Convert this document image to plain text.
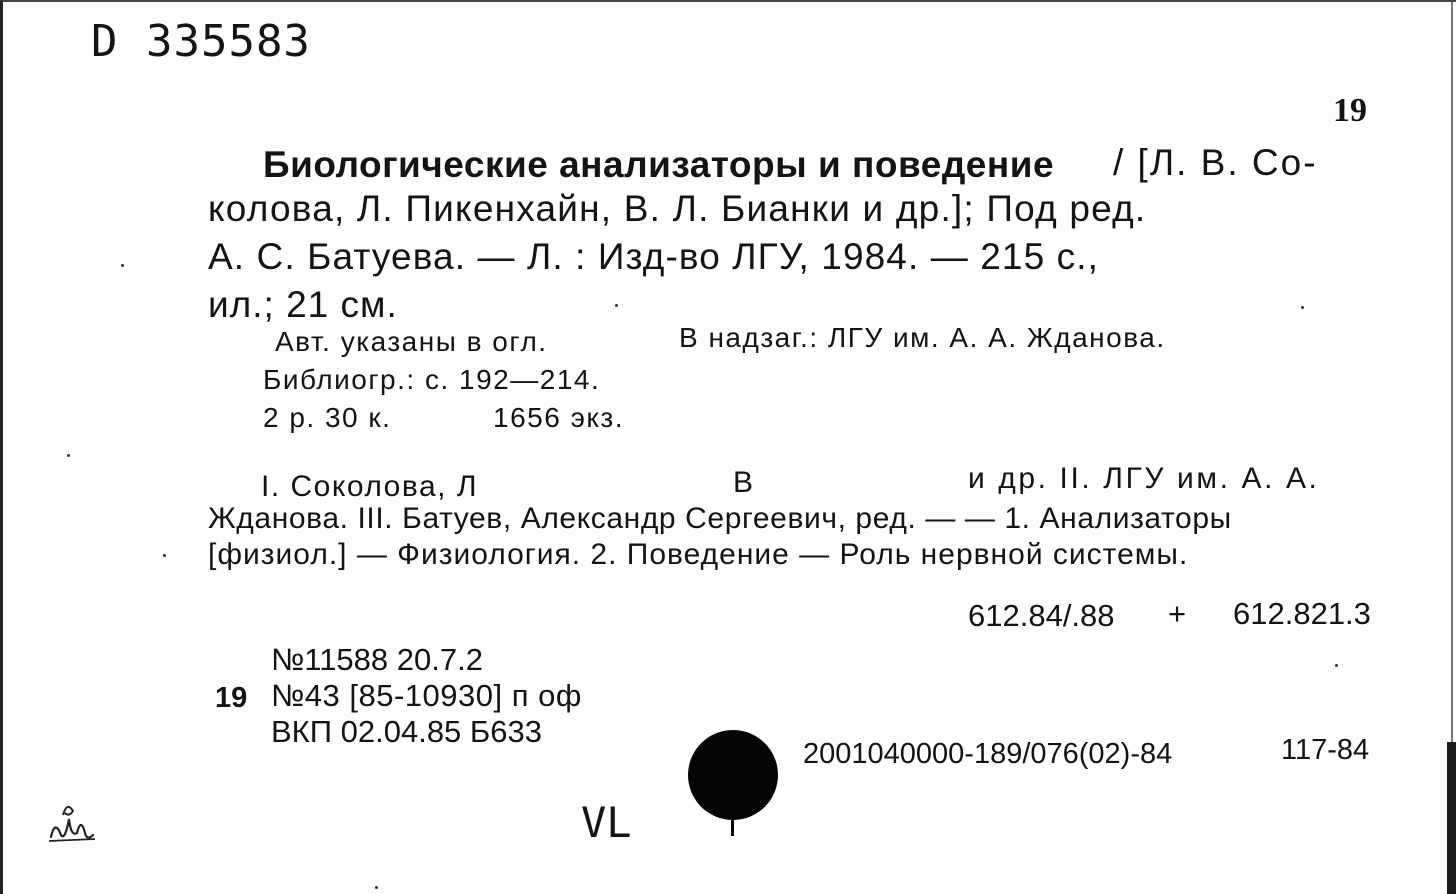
D 335583
19
Биологические анализаторы и поведение / [Л. В. Со-
колова, Л. Пикенхайн, В. Л. Бианки и др.]; Под ред.
А. С. Батуева. — Л. : Изд-во ЛГУ, 1984. — 215 с.,
ил.; 21 см.
Авт. указаны в огл.	В надзаг.: ЛГУ им. А. А. Жданова.
Библиогр.: с. 192—214.
2 р. 30 к.	1656 экз.
I. Соколова, Л	В	и др. II. ЛГУ им. А. А.
Жданова. III. Батуев, Александр Сергеевич, ред. — — 1. Анализаторы
[физиол.] — Физиология. 2. Поведение — Роль нервной системы.
612.84/.88 + 612.821.3
№11588 20.7.2
19 №43 [85-10930] п оф
ВКП 02.04.85 Б633
2001040000-189/076(02)-84	117-84
VL
